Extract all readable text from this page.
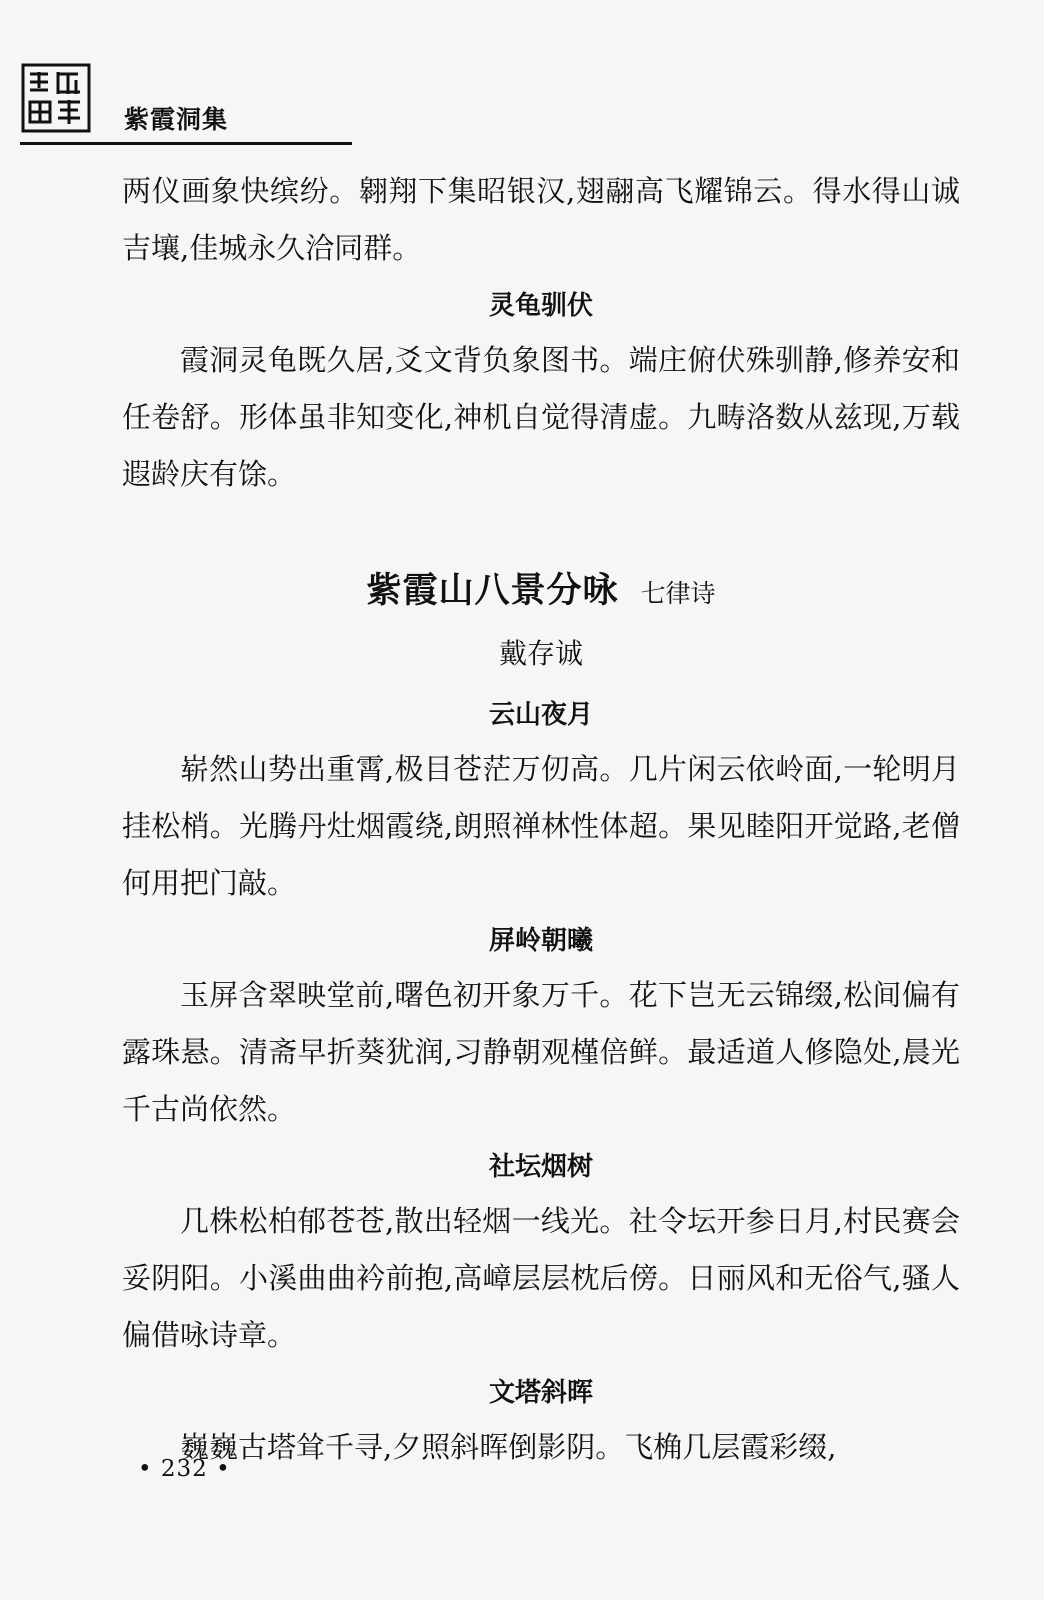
紫霞洞集

两仪画象快缤纷。翱翔下集昭银汉,翅翮高飞耀锦云。得水得山诚吉壤,佳城永久洽同群。

灵龟驯伏

霞洞灵龟既久居,爻文背负象图书。端庄俯伏殊驯静,修养安和任卷舒。形体虽非知变化,神机自觉得清虚。九畴洛数从兹现,万载遐龄庆有馀。

紫霞山八景分咏 七律诗
戴存诚
云山夜月

崭然山势出重霄,极目苍茫万仞高。几片闲云依岭面,一轮明月挂松梢。光腾丹灶烟霞绕,朗照禅林性体超。果见睦阳开觉路,老僧何用把门敲。

屏岭朝曦

玉屏含翠映堂前,曙色初开象万千。花下岂无云锦缀,松间偏有露珠悬。清斋早折葵犹润,习静朝观槿倍鲜。最适道人修隐处,晨光千古尚依然。

社坛烟树

几株松柏郁苍苍,散出轻烟一线光。社令坛开参日月,村民赛会妥阴阳。小溪曲曲衿前抱,高嶂层层枕后傍。日丽风和无俗气,骚人偏借咏诗章。

文塔斜晖

巍巍古塔耸千寻,夕照斜晖倒影阴。飞桷几层霞彩缀,

• 232 •
